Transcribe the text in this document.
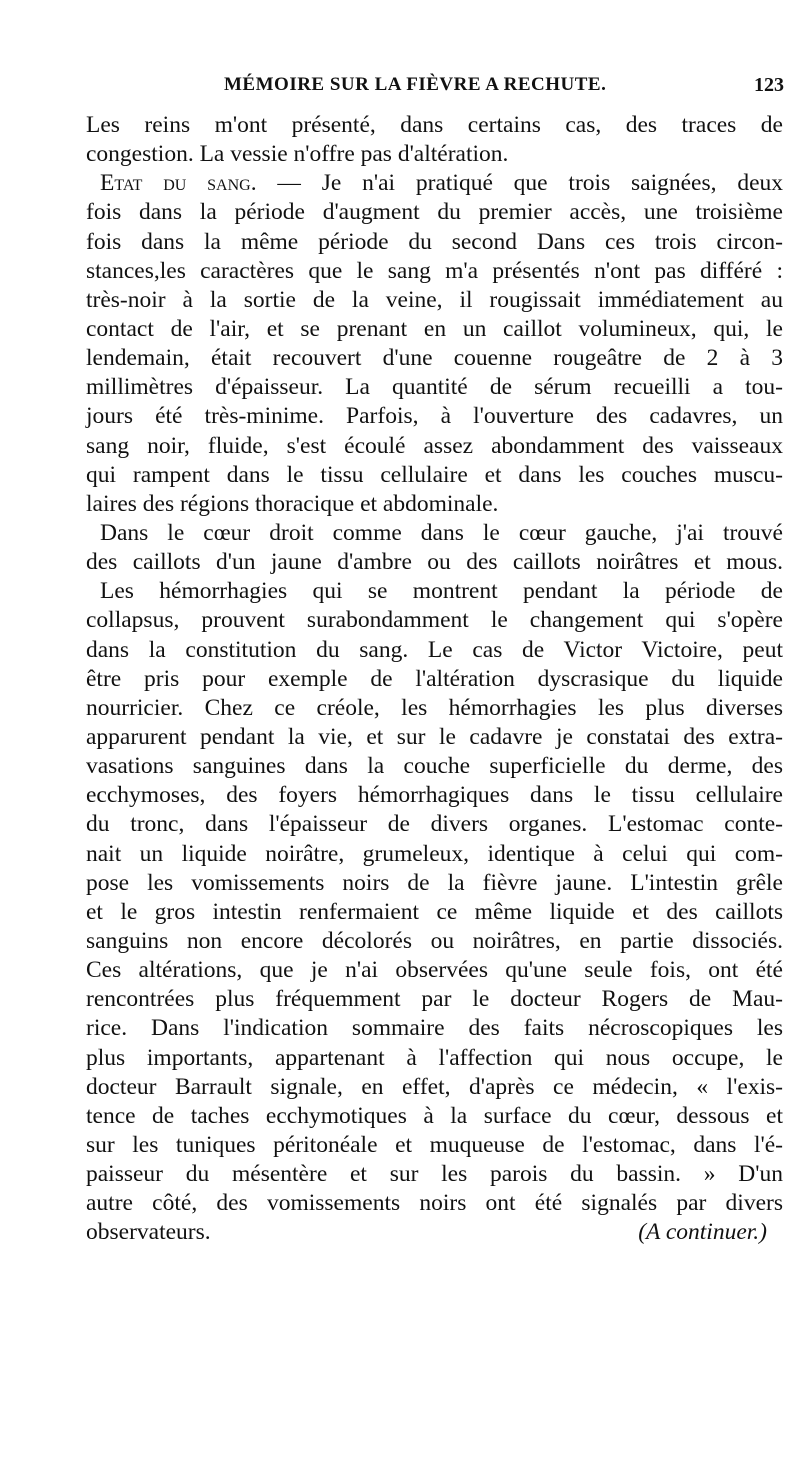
MÉMOIRE SUR LA FIÈVRE A RECHUTE.	123
Les reins m'ont présenté, dans certains cas, des traces de
congestion. La vessie n'offre pas d'altération.
Etat du sang. — Je n'ai pratiqué que trois saignées, deux
fois dans la période d'augment du premier accès, une troisième
fois dans la même période du second Dans ces trois circon-
stances,les caractères que le sang m'a présentés n'ont pas différé :
très-noir à la sortie de la veine, il rougissait immédiatement au
contact de l'air, et se prenant en un caillot volumineux, qui, le
lendemain, était recouvert d'une couenne rougeâtre de 2 à 3
millimètres d'épaisseur. La quantité de sérum recueilli a tou-
jours été très-minime. Parfois, à l'ouverture des cadavres, un
sang noir, fluide, s'est écoulé assez abondamment des vaisseaux
qui rampent dans le tissu cellulaire et dans les couches muscu-
laires des régions thoracique et abdominale.
Dans le cœur droit comme dans le cœur gauche, j'ai trouvé
des caillots d'un jaune d'ambre ou des caillots noirâtres et mous.
Les hémorrhagies qui se montrent pendant la période de
collapsus, prouvent surabondamment le changement qui s'opère
dans la constitution du sang. Le cas de Victor Victoire, peut
être pris pour exemple de l'altération dyscrasique du liquide
nourricier. Chez ce créole, les hémorrhagies les plus diverses
apparurent pendant la vie, et sur le cadavre je constatai des extra-
vasations sanguines dans la couche superficielle du derme, des
ecchymoses, des foyers hémorrhagiques dans le tissu cellulaire
du tronc, dans l'épaisseur de divers organes. L'estomac conte-
nait un liquide noirâtre, grumeleux, identique à celui qui com-
pose les vomissements noirs de la fièvre jaune. L'intestin grêle
et le gros intestin renfermaient ce même liquide et des caillots
sanguins non encore décolorés ou noirâtres, en partie dissociés.
Ces altérations, que je n'ai observées qu'une seule fois, ont été
rencontrées plus fréquemment par le docteur Rogers de Mau-
rice. Dans l'indication sommaire des faits nécroscopiques les
plus importants, appartenant à l'affection qui nous occupe, le
docteur Barrault signale, en effet, d'après ce médecin, « l'exis-
tence de taches ecchymotiques à la surface du cœur, dessous et
sur les tuniques péritonéale et muqueuse de l'estomac, dans l'é-
paisseur du mésentère et sur les parois du bassin. » D'un
autre côté, des vomissements noirs ont été signalés par divers
observateurs.	(A continuer.)
